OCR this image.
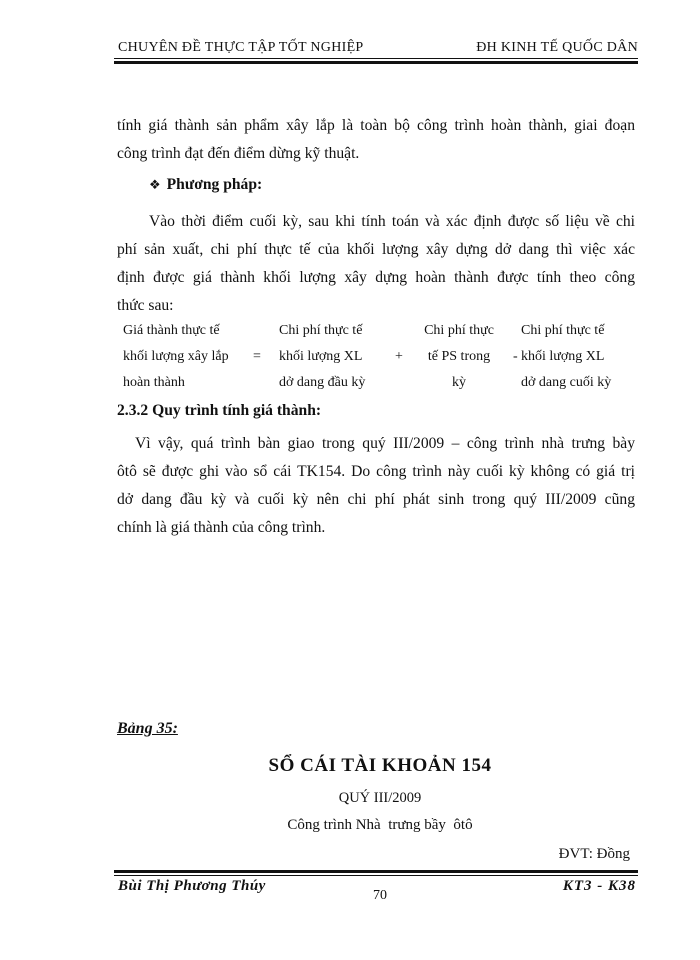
CHUYÊN ĐỀ THỰC TẬP TỐT NGHIỆP	ĐH KINH TẾ QUỐC DÂN
tính giá thành sản phẩm xây lắp là toàn bộ công trình hoàn thành, giai đoạn
công trình đạt đến điểm dừng kỹ thuật.
❖ Phương pháp:
Vào thời điểm cuối kỳ, sau khi tính toán và xác định được số liệu về chi
phí sản xuất, chi phí thực tế của khối lượng xây dựng dở dang thì việc xác
định được giá thành khối lượng xây dựng hoàn thành được tính theo công
thức sau:
Giá thành thực tế
khối lượng xây lắp
hoàn thành
=
Chi phí thực tế
khối lượng XL
dở dang đầu kỳ
+
Chi phí thực
tế PS trong
kỳ
-
Chi phí thực tế
khối lượng XL
dở dang cuối kỳ
2.3.2 Quy trình tính giá thành:
Vì vậy, quá trình bàn giao trong quý III/2009 – công trình nhà trưng bày
ôtô sẽ được ghi vào sổ cái TK154. Do công trình này cuối kỳ không có giá trị
dở dang đầu kỳ và cuối kỳ nên chi phí phát sinh trong quý III/2009 cũng
chính là giá thành của công trình.
Bảng 35:
SỔ CÁI TÀI KHOẢN 154
QUÝ III/2009
Công trình Nhà  trưng bầy  ôtô
ĐVT: Đồng
Bùi Thị Phương Thúy	KT3 - K38
70
